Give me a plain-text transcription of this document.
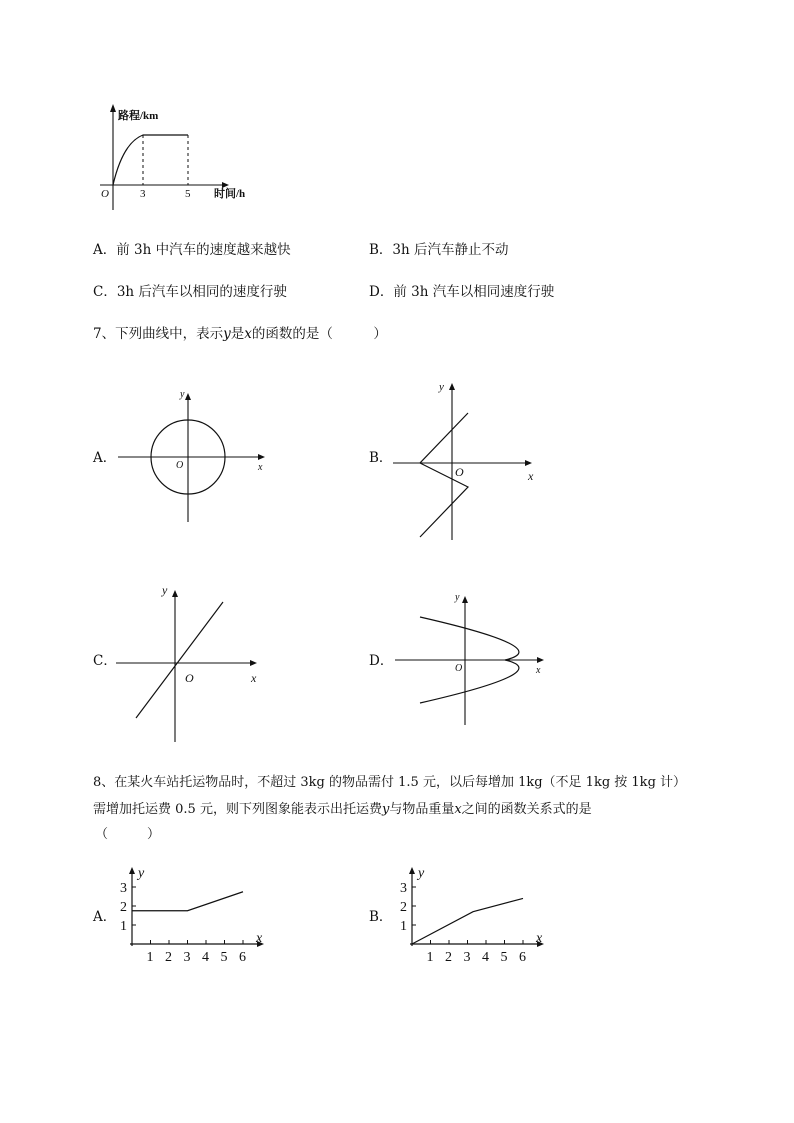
路程/km
时间/h
O	3	5
A．前 3h 中汽车的速度越来越快	B．3h 后汽车静止不动
C．3h 后汽车以相同的速度行驶	D．前 3h 汽车以相同速度行驶
7、下列曲线中，表示y是x的函数的是（　　　）
A．	B．
C．	D．
y
x
O
y
x
O
y
x
O
y
x
O
8、在某火车站托运物品时，不超过 3kg 的物品需付 1.5 元，以后每增加 1kg（不足 1kg 按 1kg 计）
需增加托运费 0.5 元，则下列图象能表示出托运费y与物品重量x之间的函数关系式的是
（　　　）
A．	B．
1 2 3 4 5 6
1
2
3
y
x
1 2 3 4 5 6
1
2
3
y
x
